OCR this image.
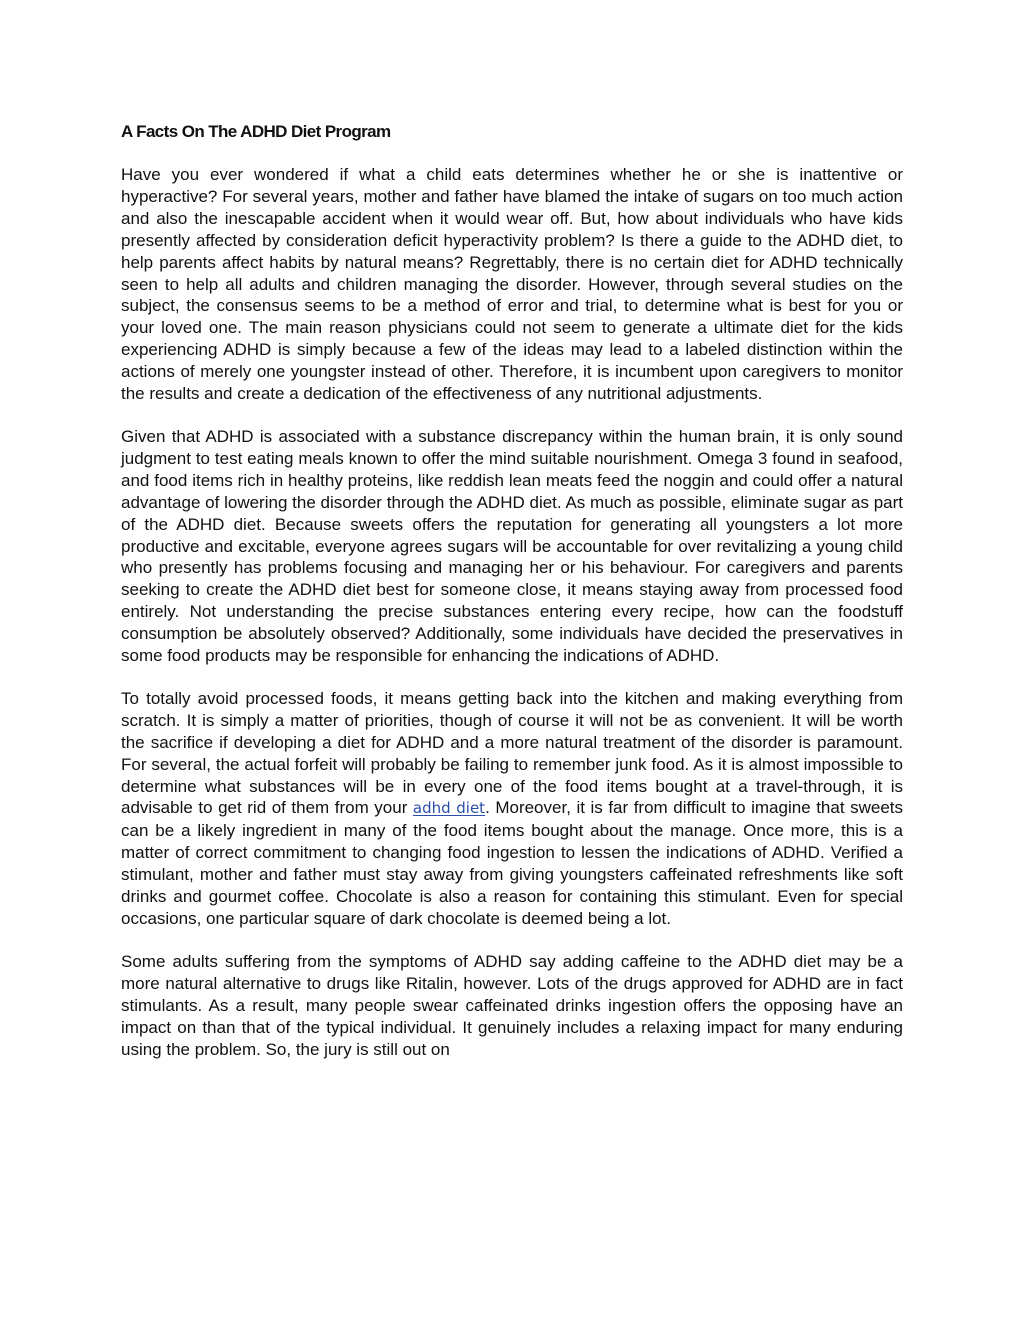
A Facts On The ADHD Diet Program

Have you ever wondered if what a child eats determines whether he or she is inattentive or hyperactive? For several years, mother and father have blamed the intake of sugars on too much action and also the inescapable accident when it would wear off. But, how about individuals who have kids presently affected by consideration deficit hyperactivity problem? Is there a guide to the ADHD diet, to help parents affect habits by natural means? Regrettably, there is no certain diet for ADHD technically seen to help all adults and children managing the disorder. However, through several studies on the subject, the consensus seems to be a method of error and trial, to determine what is best for you or your loved one. The main reason physicians could not seem to generate a ultimate diet for the kids experiencing ADHD is simply because a few of the ideas may lead to a labeled distinction within the actions of merely one youngster instead of other. Therefore, it is incumbent upon caregivers to monitor the results and create a dedication of the effectiveness of any nutritional adjustments.

Given that ADHD is associated with a substance discrepancy within the human brain, it is only sound judgment to test eating meals known to offer the mind suitable nourishment. Omega 3 found in seafood, and food items rich in healthy proteins, like reddish lean meats feed the noggin and could offer a natural advantage of lowering the disorder through the ADHD diet. As much as possible, eliminate sugar as part of the ADHD diet. Because sweets offers the reputation for generating all youngsters a lot more productive and excitable, everyone agrees sugars will be accountable for over revitalizing a young child who presently has problems focusing and managing her or his behaviour. For caregivers and parents seeking to create the ADHD diet best for someone close, it means staying away from processed food entirely. Not understanding the precise substances entering every recipe, how can the foodstuff consumption be absolutely observed? Additionally, some individuals have decided the preservatives in some food products may be responsible for enhancing the indications of ADHD.

To totally avoid processed foods, it means getting back into the kitchen and making everything from scratch. It is simply a matter of priorities, though of course it will not be as convenient. It will be worth the sacrifice if developing a diet for ADHD and a more natural treatment of the disorder is paramount. For several, the actual forfeit will probably be failing to remember junk food. As it is almost impossible to determine what substances will be in every one of the food items bought at a travel-through, it is advisable to get rid of them from your adhd diet. Moreover, it is far from difficult to imagine that sweets can be a likely ingredient in many of the food items bought about the manage. Once more, this is a matter of correct commitment to changing food ingestion to lessen the indications of ADHD. Verified a stimulant, mother and father must stay away from giving youngsters caffeinated refreshments like soft drinks and gourmet coffee. Chocolate is also a reason for containing this stimulant. Even for special occasions, one particular square of dark chocolate is deemed being a lot.

Some adults suffering from the symptoms of ADHD say adding caffeine to the ADHD diet may be a more natural alternative to drugs like Ritalin, however. Lots of the drugs approved for ADHD are in fact stimulants. As a result, many people swear caffeinated drinks ingestion offers the opposing have an impact on than that of the typical individual. It genuinely includes a relaxing impact for many enduring using the problem. So, the jury is still out on
